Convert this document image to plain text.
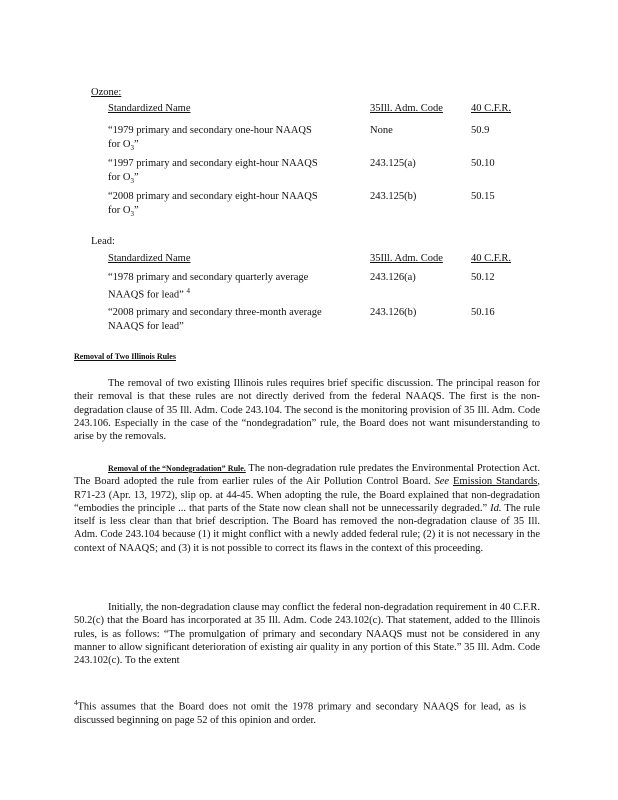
Ozone:
Standardized Name	35Ill. Adm. Code	40 C.F.R.
“1979 primary and secondary one-hour NAAQS
for $O_3$”
None	50.9
“1997 primary and secondary eight-hour NAAQS
for $O_3$”
243.125(a)	50.10
“2008 primary and secondary eight-hour NAAQS
for $O_3$”
243.125(b)	50.15
Lead:
Standardized Name	35Ill. Adm. Code	40 C.F.R.
“1978 primary and secondary quarterly average
NAAQS for lead” $^4$
243.126(a)	50.12
“2008 primary and secondary three-month average
NAAQS for lead”
243.126(b)	50.16
Removal of Two Illinois Rules
The removal of two existing Illinois rules requires brief specific discussion. The principal reason for their removal is that these rules are not directly derived from the federal NAAQS. The first is the non-degradation clause of 35 Ill. Adm. Code 243.104. The second is the monitoring provision of 35 Ill. Adm. Code 243.106. Especially in the case of the “nondegradation” rule, the Board does not want misunderstanding to arise by the removals.
Removal of the “Nondegradation” Rule. The non-degradation rule predates the Environmental Protection Act. The Board adopted the rule from earlier rules of the Air Pollution Control Board. See Emission Standards, R71-23 (Apr. 13, 1972), slip op. at 44-45. When adopting the rule, the Board explained that non-degradation “embodies the principle ... that parts of the State now clean shall not be unnecessarily degraded.” Id. The rule itself is less clear than that brief description. The Board has removed the non-degradation clause of 35 Ill. Adm. Code 243.104 because (1) it might conflict with a newly added federal rule; (2) it is not necessary in the context of NAAQS; and (3) it is not possible to correct its flaws in the context of this proceeding.
Initially, the non-degradation clause may conflict the federal non-degradation requirement in 40 C.F.R. 50.2(c) that the Board has incorporated at 35 Ill. Adm. Code 243.102(c). That statement, added to the Illinois rules, is as follows: “The promulgation of primary and secondary NAAQS must not be considered in any manner to allow significant deterioration of existing air quality in any portion of this State.” 35 Ill. Adm. Code 243.102(c). To the extent
$^4$This assumes that the Board does not omit the 1978 primary and secondary NAAQS for lead, as is discussed beginning on page 52 of this opinion and order.
